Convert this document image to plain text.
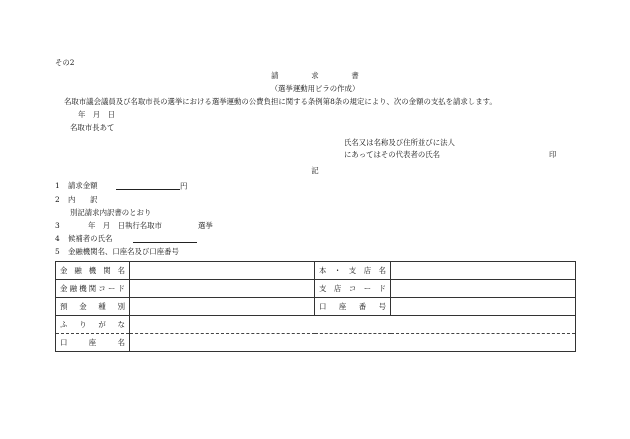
その2
請	求	書
（選挙運動用ビラの作成）
名取市議会議員及び名取市長の選挙における選挙運動の公費負担に関する条例第8条の規定により、次の金額の支払を請求します。
年　月　日
名取市長あて
氏名又は名称及び住所並びに法人
にあってはその代表者の氏名	印
記
1 請求金額	円
2 内　　訳
別記請求内訳書のとおり
3	年　月　日執行名取市	選挙
4 候補者の氏名
5 金融機関名、口座名及び口座番号
金融機関名		本・支店名	
金融機関コード		支店コード	
預金種別		口座番号	
ふりがな			
口座名			
